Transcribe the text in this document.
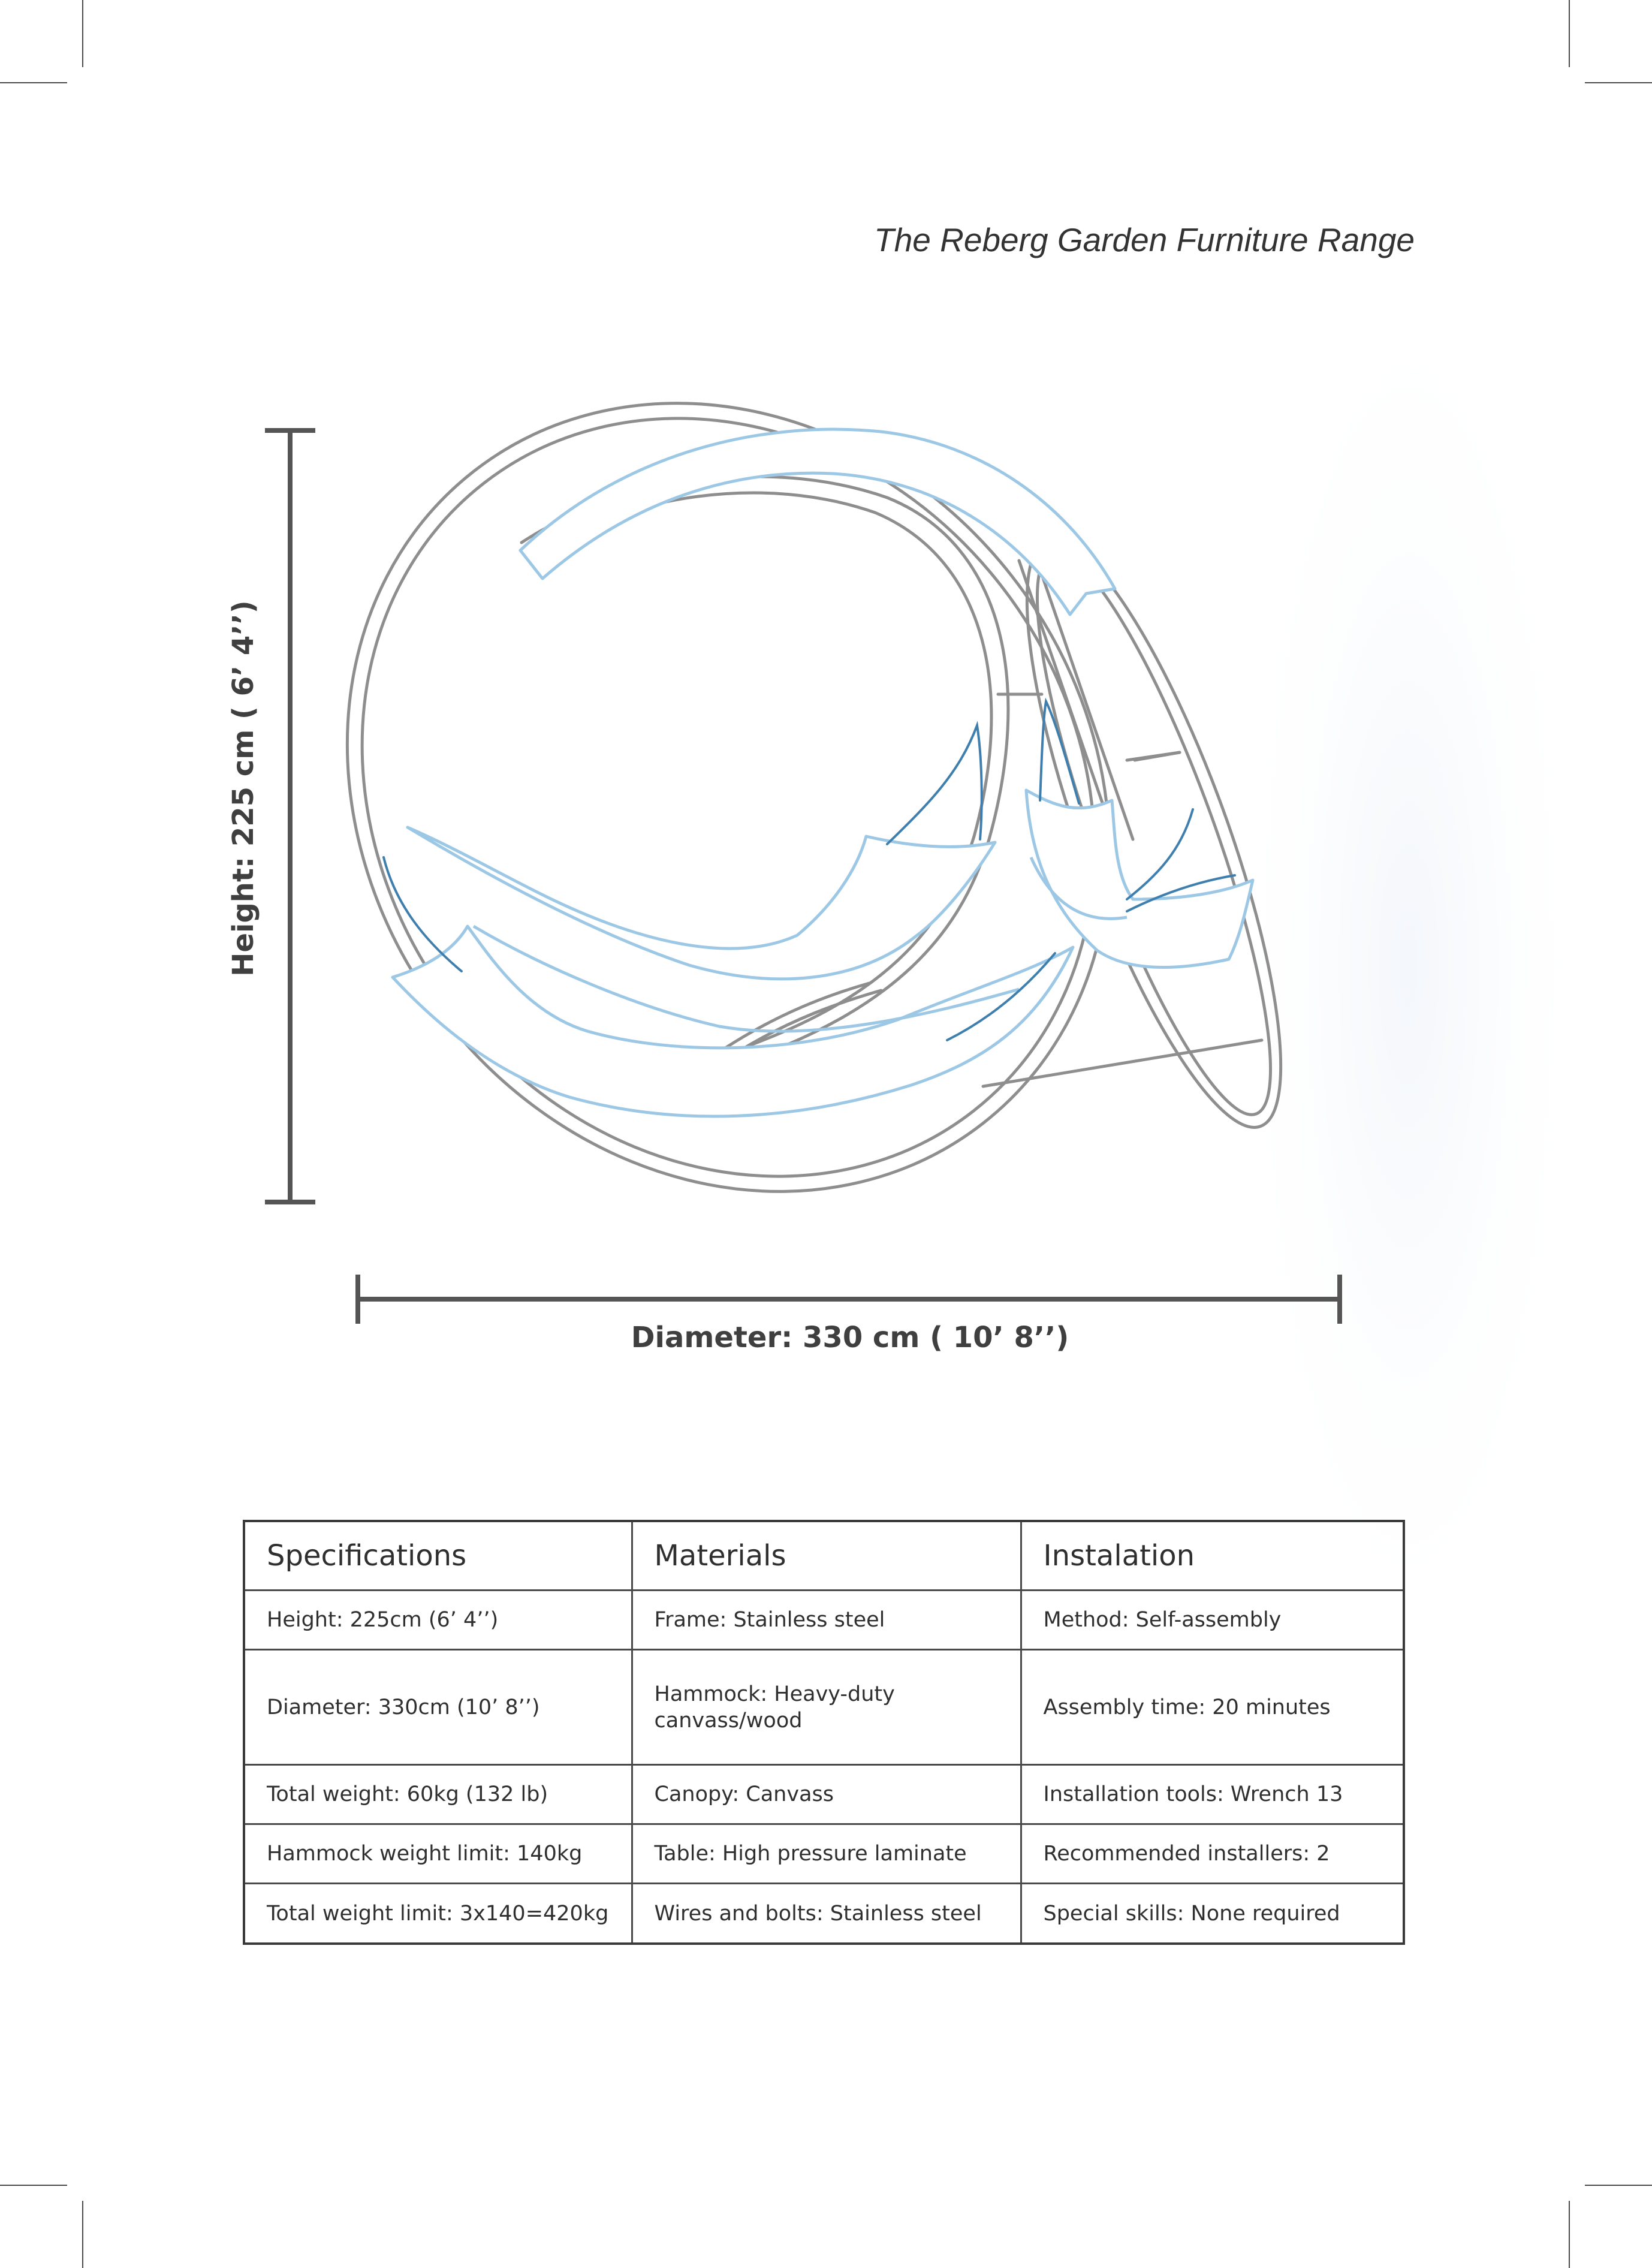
The Reberg Garden Furniture Range
Height: 225 cm ( 6’ 4’’)
Diameter: 330 cm ( 10’ 8’’)
Specifications	Materials	Instalation
Height: 225cm (6’ 4’’)	Frame: Stainless steel	Method: Self-assembly
Diameter: 330cm (10’ 8’’)	Hammock: Heavy-duty canvass/wood	Assembly time: 20 minutes
Total weight: 60kg (132 lb)	Canopy: Canvass	Installation tools: Wrench 13
Hammock weight limit: 140kg	Table: High pressure laminate	Recommended installers: 2
Total weight limit: 3x140=420kg	Wires and bolts: Stainless steel	Special skills: None required
